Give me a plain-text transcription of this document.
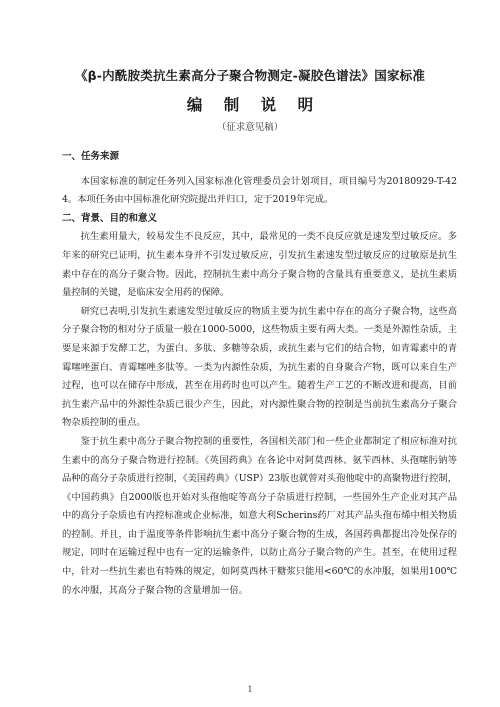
《β-内酰胺类抗生素高分子聚合物测定-凝胶色谱法》国家标准
编 制 说 明
（征求意见稿）

一、任务来源

本国家标准的制定任务列入国家标准化管理委员会计划项目，项目编号为20180929-T-424。本项任务由中国标准化研究院提出并归口，定于2019年完成。

二、背景、目的和意义

抗生素用量大，较易发生不良反应，其中，最常见的一类不良反应就是速发型过敏反应。多年来的研究已证明，抗生素本身并不引发过敏反应，引发抗生素速发型过敏反应的过敏原是抗生素中存在的高分子聚合物。因此，控制抗生素中高分子聚合物的含量具有重要意义，是抗生素质量控制的关键，是临床安全用药的保障。

研究已表明,引发抗生素速发型过敏反应的物质主要为抗生素中存在的高分子聚合物，这些高分子聚合物的相对分子质量一般在1000-5000，这些物质主要有两大类。一类是外源性杂质，主要是来源于发酵工艺，为蛋白、多肽、多糖等杂质，或抗生素与它们的结合物，如青霉素中的青霉噻唑蛋白、青霉噻唑多肽等。一类为内源性杂质，为抗生素的自身聚合产物，既可以来自生产过程，也可以在储存中形成，甚至在用药时也可以产生。随着生产工艺的不断改进和提高，目前抗生素产品中的外源性杂质已很少产生，因此，对内源性聚合物的控制是当前抗生素高分子聚合物杂质控制的重点。

鉴于抗生素中高分子聚合物控制的重要性，各国相关部门和一些企业都制定了相应标准对抗生素中的高分子聚合物进行控制。《英国药典》在各论中对阿莫西林、氨苄西林、头孢噻肟钠等品种的高分子杂质进行控制，《美国药典》（USP）23版也就曾对头孢他啶中的高聚物进行控制，《中国药典》自2000版也开始对头孢他啶等高分子杂质进行控制，一些国外生产企业对其产品中的高分子杂质也有内控标准或企业标准，如意大利Scherins药厂对其产品头孢布烯中相关物质的控制。并且，由于温度等条件影响抗生素中高分子聚合物的生成，各国药典都提出冷处保存的规定，同时在运输过程中也有一定的运输条件，以防止高分子聚合物的产生。甚至，在使用过程中，针对一些抗生素也有特殊的规定，如阿莫西林干糖浆只能用<60℃的水冲服，如果用100℃的水冲服，其高分子聚合物的含量增加一倍。

1
